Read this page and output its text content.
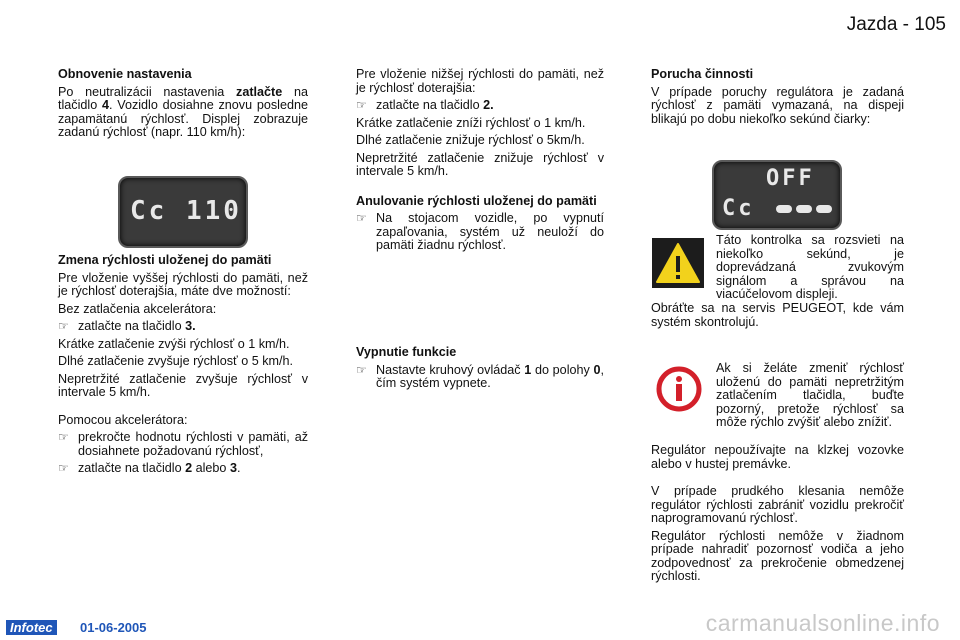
Jazda - 105

Obnovenie nastavenia

Po neutralizácii nastavenia zatlačte na tlačidlo 4. Vozidlo dosiahne znovu posledne zapamätanú rýchlosť. Displej zobrazuje zadanú rýchlosť (napr. 110 km/h):

Cc 110

Zmena rýchlosti uloženej do pamäti

Pre vloženie vyššej rýchlosti do pamäti, než je rýchlosť doterajšia, máte dve možností:

Bez zatlačenia akcelerátora:

☞ zatlačte na tlačidlo 3.

Krátke zatlačenie zvýši rýchlosť o 1 km/h.

Dlhé zatlačenie zvyšuje rýchlosť o 5 km/h.

Nepretržité zatlačenie zvyšuje rýchlosť v intervale 5 km/h.

Pomocou akcelerátora:

☞ prekročte hodnotu rýchlosti v pamäti, až dosiahnete požadovanú rýchlosť,
☞ zatlačte na tlačidlo 2 alebo 3.

Pre vloženie nižšej rýchlosti do pamäti, než je rýchlosť doterajšia:

☞ zatlačte na tlačidlo 2.

Krátke zatlačenie zníži rýchlosť o 1 km/h.

Dlhé zatlačenie znižuje rýchlosť o 5km/h.

Nepretržité zatlačenie znižuje rýchlosť v intervale 5 km/h.

Anulovanie rýchlosti uloženej do pamäti

☞ Na stojacom vozidle, po vypnutí zapaľovania, systém už neuloží do pamäti žiadnu rýchlosť.

Vypnutie funkcie

☞ Nastavte kruhový ovládač 1 do polohy 0, čím systém vypnete.

Porucha činnosti

V prípade poruchy regulátora je zadaná rýchlosť z pamäti vymazaná, na dispeji blikajú po dobu niekoľko sekúnd čiarky:

OFF
Cc
Táto kontrolka sa rozsvieti na niekoľko sekúnd, je doprevádzaná zvukovým signálom a správou na viacúčelovom displeji.

Obráťte sa na servis PEUGEOT, kde vám systém skontrolujú.

Ak si želáte zmeniť rýchlosť uloženú do pamäti nepretržitým zatlačením tlačidla, buďte pozorný, pretože rýchlosť sa môže rýchlo zvýšiť alebo znížiť.

Regulátor nepoužívajte na klzkej vozovke alebo v hustej premávke.

V prípade prudkého klesania nemôže regulátor rýchlosti zabrániť vozidlu prekročiť naprogramovanú rýchlosť.

Regulátor rýchlosti nemôže v žiadnom prípade nahradiť pozornosť vodiča a jeho zodpovednosť za prekročenie obmedzenej rýchlosti.

Infotec	01-06-2005	carmanualsonline.info
